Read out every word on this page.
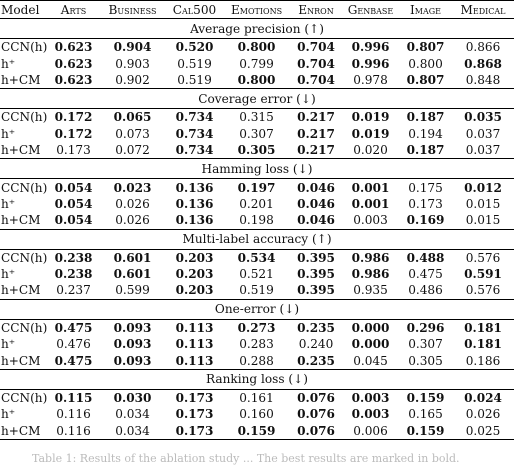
Model	Arts	Business	Cal500	Emotions	Enron	Genbase	Image	Medical
Average precision (↑)								
CCN(h)	0.623	0.904	0.520	0.800	0.704	0.996	0.807	0.866
h⁺	0.623	0.903	0.519	0.799	0.704	0.996	0.800	0.868
h+CM	0.623	0.902	0.519	0.800	0.704	0.978	0.807	0.848
Coverage error (↓)								
CCN(h)	0.172	0.065	0.734	0.315	0.217	0.019	0.187	0.035
h⁺	0.172	0.073	0.734	0.307	0.217	0.019	0.194	0.037
h+CM	0.173	0.072	0.734	0.305	0.217	0.020	0.187	0.037
Hamming loss (↓)								
CCN(h)	0.054	0.023	0.136	0.197	0.046	0.001	0.175	0.012
h⁺	0.054	0.026	0.136	0.201	0.046	0.001	0.173	0.015
h+CM	0.054	0.026	0.136	0.198	0.046	0.003	0.169	0.015
Multi-label accuracy (↑)								
CCN(h)	0.238	0.601	0.203	0.534	0.395	0.986	0.488	0.576
h⁺	0.238	0.601	0.203	0.521	0.395	0.986	0.475	0.591
h+CM	0.237	0.599	0.203	0.519	0.395	0.935	0.486	0.576
One-error (↓)								
CCN(h)	0.475	0.093	0.113	0.273	0.235	0.000	0.296	0.181
h⁺	0.476	0.093	0.113	0.283	0.240	0.000	0.307	0.181
h+CM	0.475	0.093	0.113	0.288	0.235	0.045	0.305	0.186
Ranking loss (↓)								
CCN(h)	0.115	0.030	0.173	0.161	0.076	0.003	0.159	0.024
h⁺	0.116	0.034	0.173	0.160	0.076	0.003	0.165	0.026
h+CM	0.116	0.034	0.173	0.159	0.076	0.006	0.159	0.025
Table 1: Results of the ablation study ... The best results are marked in bold.
